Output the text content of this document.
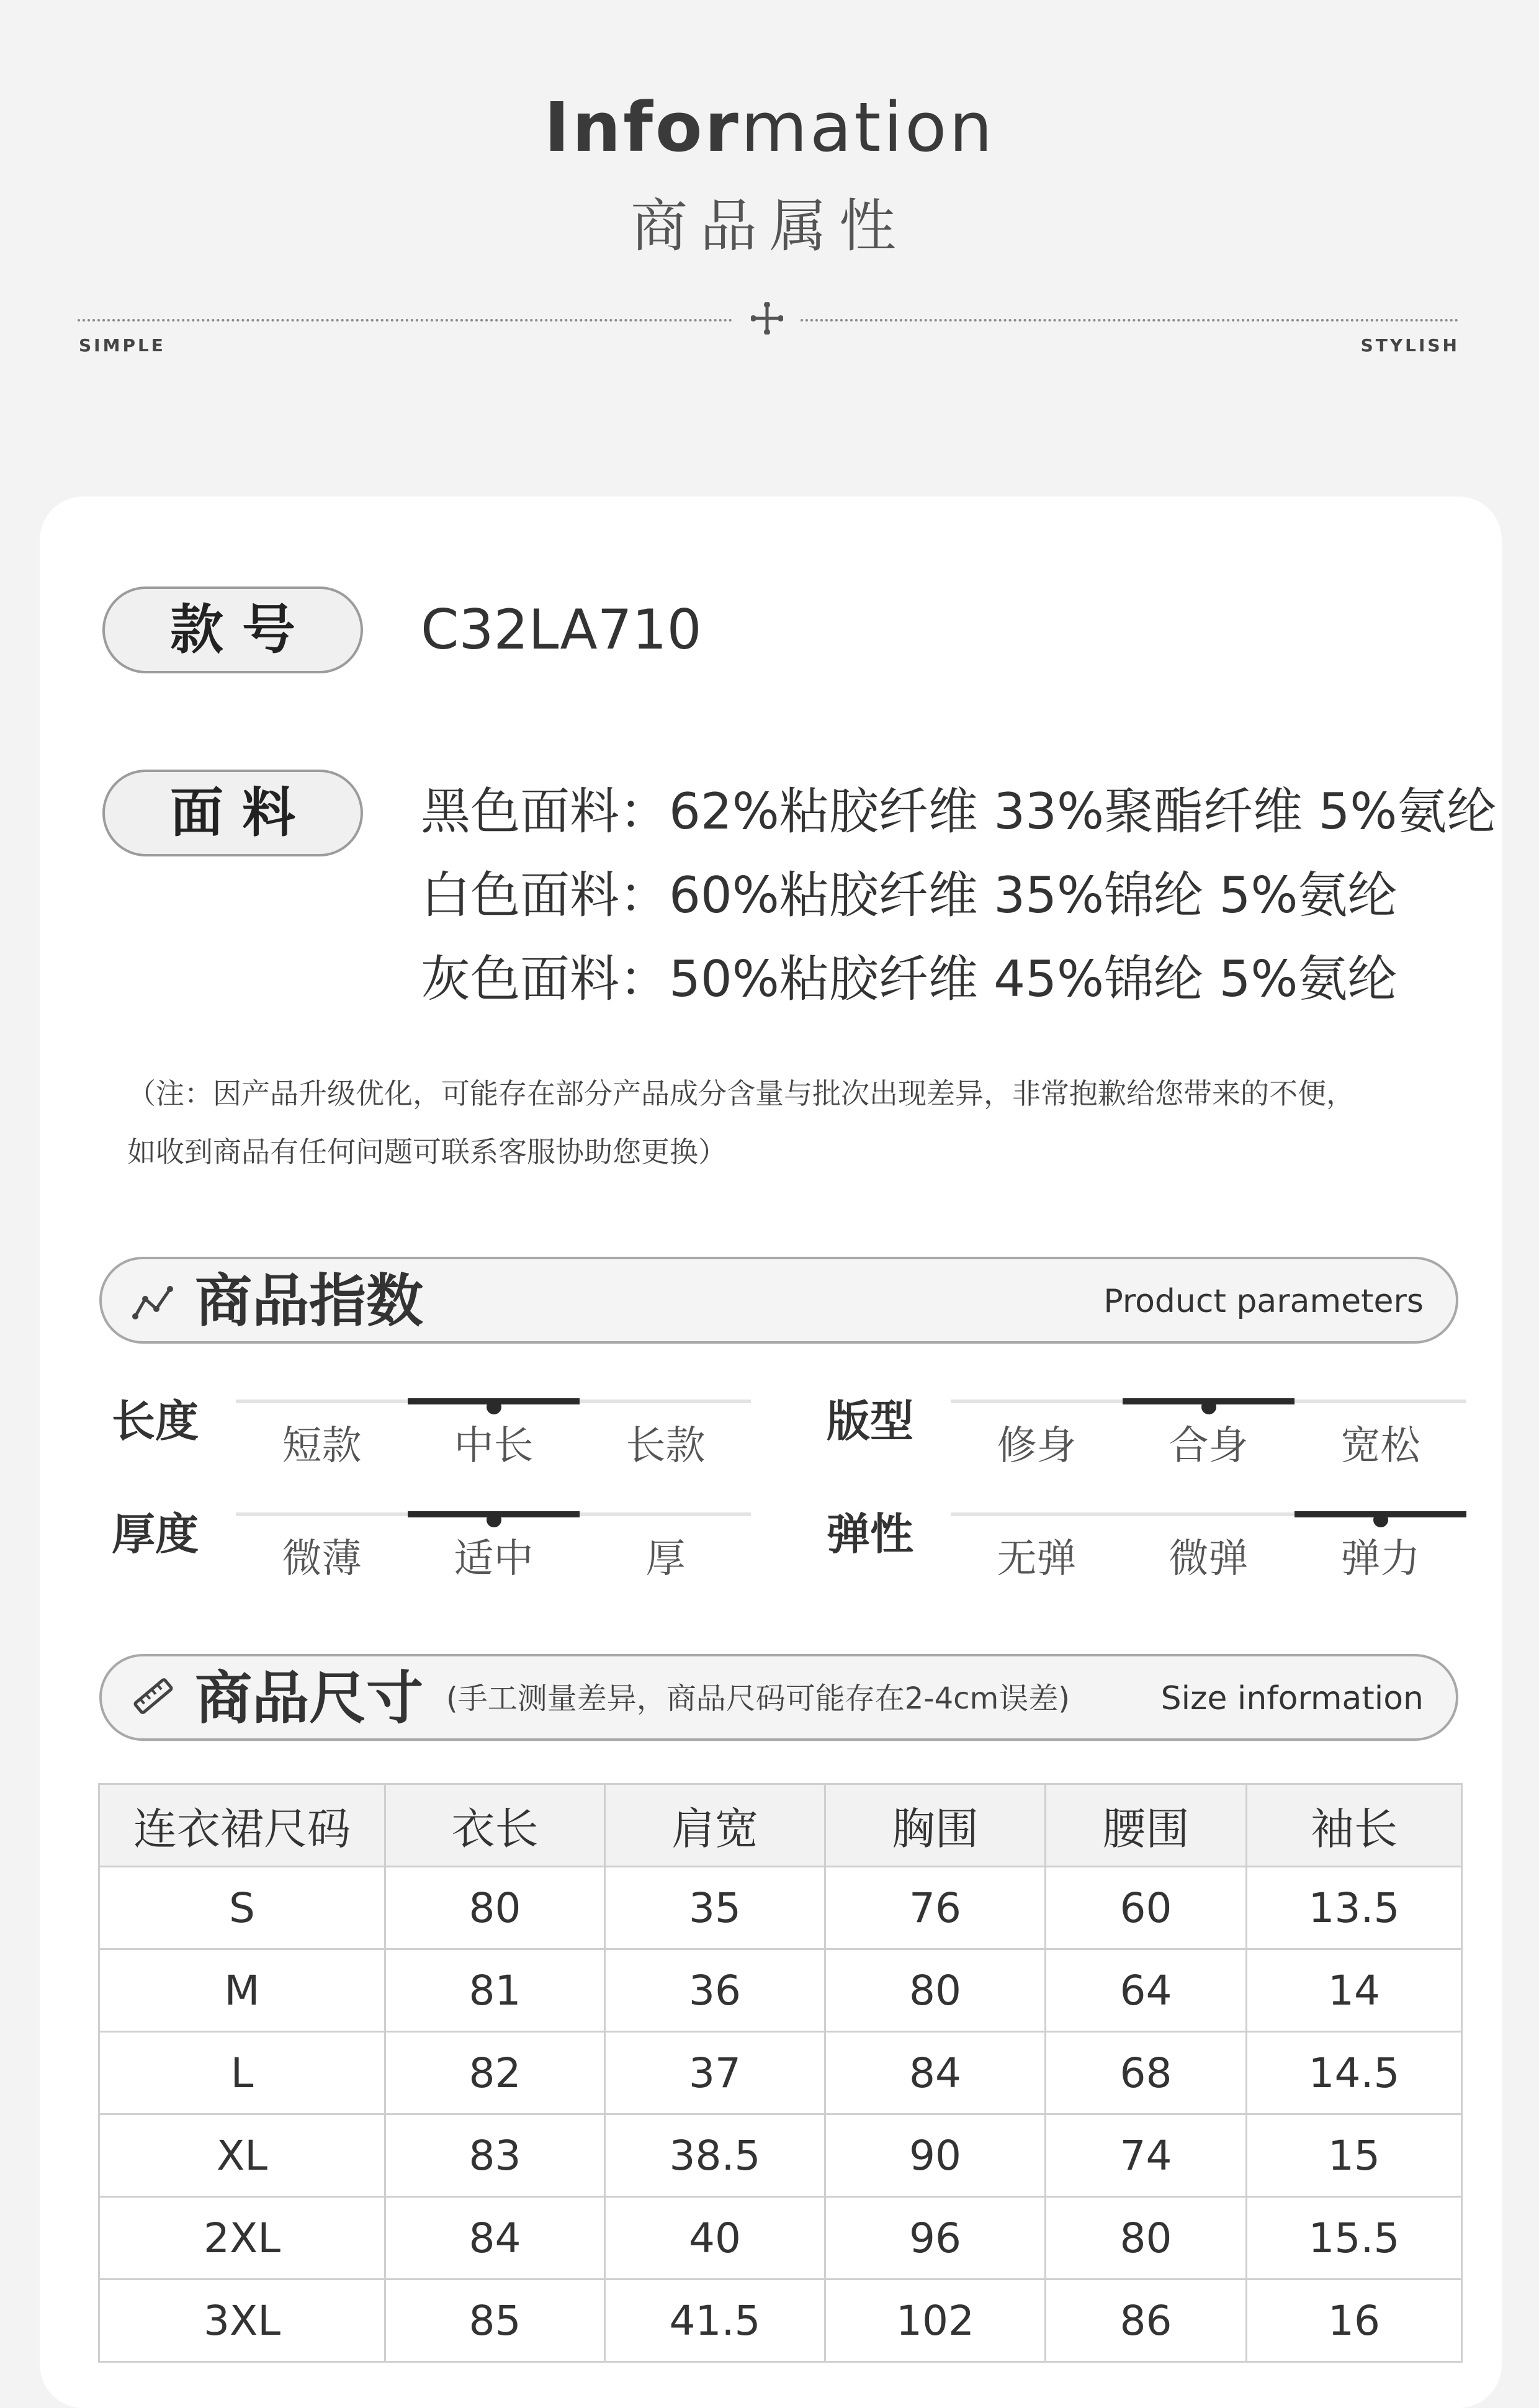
Information
商品属性
SIMPLE	STYLISH
款号	C32LA710
面料	黑色面料：62%粘胶纤维 33%聚酯纤维 5%氨纶
白色面料：60%粘胶纤维 35%锦纶 5%氨纶
灰色面料：50%粘胶纤维 45%锦纶 5%氨纶
（注：因产品升级优化，可能存在部分产品成分含量与批次出现差异，非常抱歉给您带来的不便，
如收到商品有任何问题可联系客服协助您更换）
商品指数	Product parameters
长度	短款	中长	长款	版型	修身	合身	宽松
厚度	微薄	适中	厚	弹性	无弹	微弹	弹力
商品尺寸 (手工测量差异，商品尺码可能存在2-4cm误差)	Size information
连衣裙尺码	衣长	肩宽	胸围	腰围	袖长
S	80	35	76	60	13.5
M	81	36	80	64	14
L	82	37	84	68	14.5
XL	83	38.5	90	74	15
2XL	84	40	96	80	15.5
3XL	85	41.5	102	86	16
